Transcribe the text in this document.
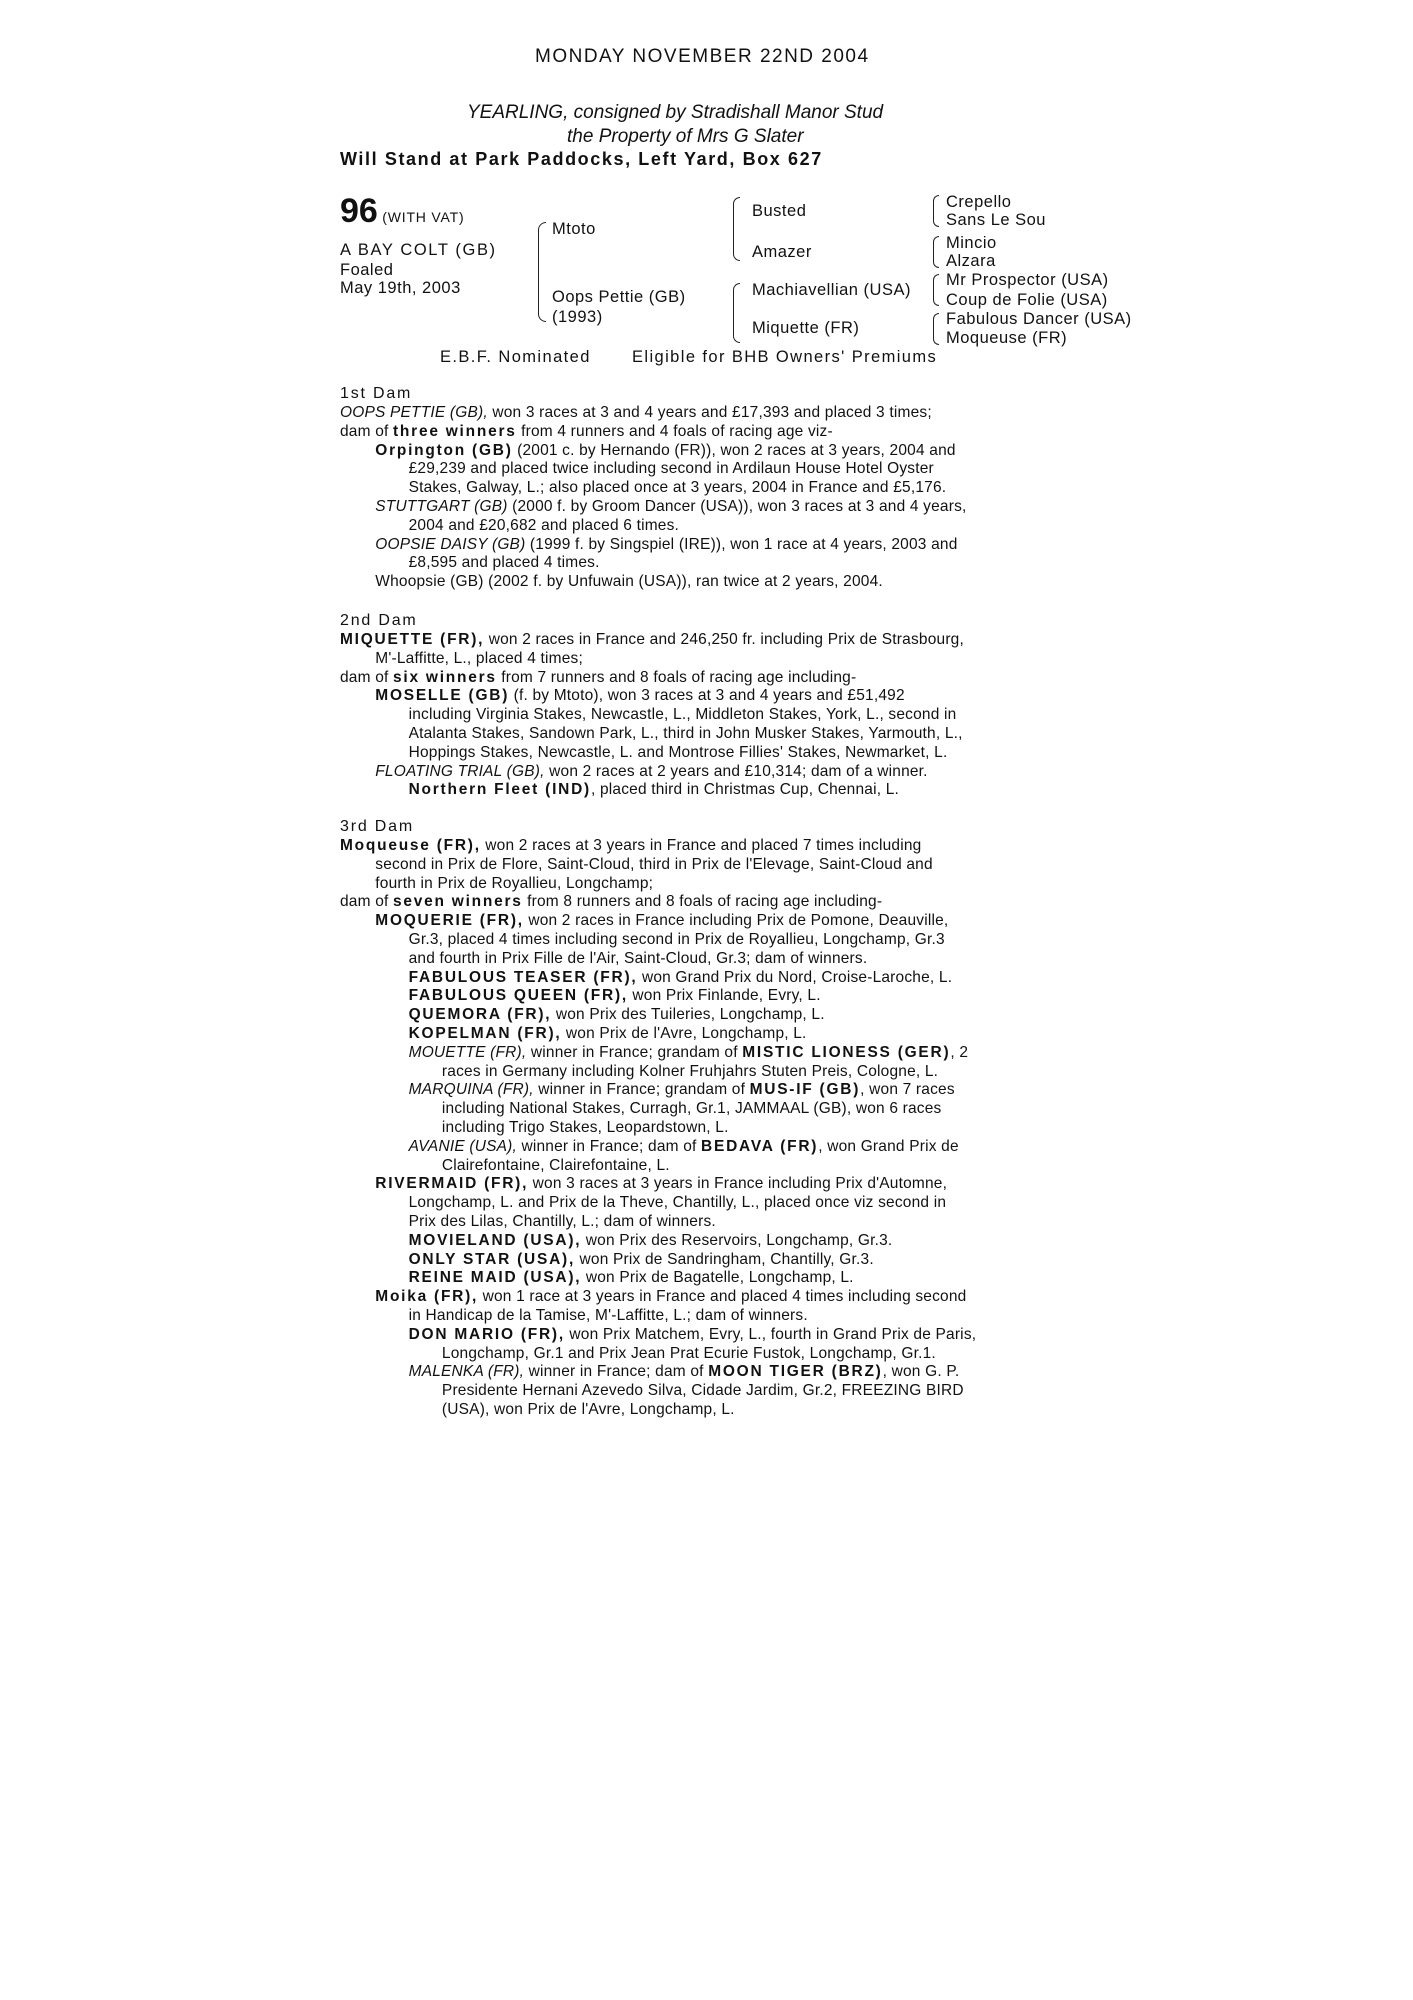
MONDAY NOVEMBER 22ND 2004
YEARLING, consigned by Stradishall Manor Stud
the Property of Mrs G Slater
Will Stand at Park Paddocks, Left Yard, Box 627
96 (WITH VAT)
A BAY COLT (GB)
Foaled
May 19th, 2003
Mtoto
Oops Pettie (GB)
(1993)
Busted
Amazer
Machiavellian (USA)
Miquette (FR)
Crepello
Sans Le Sou
Mincio
Alzara
Mr Prospector (USA)
Coup de Folie (USA)
Fabulous Dancer (USA)
Moqueuse (FR)
E.B.F. Nominated Eligible for BHB Owners' Premiums
1st Dam
OOPS PETTIE (GB), won 3 races at 3 and 4 years and £17,393 and placed 3 times;
dam of three winners from 4 runners and 4 foals of racing age viz-
Orpington (GB) (2001 c. by Hernando (FR)), won 2 races at 3 years, 2004 and
£29,239 and placed twice including second in Ardilaun House Hotel Oyster
Stakes, Galway, L.; also placed once at 3 years, 2004 in France and £5,176.
STUTTGART (GB) (2000 f. by Groom Dancer (USA)), won 3 races at 3 and 4 years,
2004 and £20,682 and placed 6 times.
OOPSIE DAISY (GB) (1999 f. by Singspiel (IRE)), won 1 race at 4 years, 2003 and
£8,595 and placed 4 times.
Whoopsie (GB) (2002 f. by Unfuwain (USA)), ran twice at 2 years, 2004.
2nd Dam
MIQUETTE (FR), won 2 races in France and 246,250 fr. including Prix de Strasbourg,
M'-Laffitte, L., placed 4 times;
dam of six winners from 7 runners and 8 foals of racing age including-
MOSELLE (GB) (f. by Mtoto), won 3 races at 3 and 4 years and £51,492
including Virginia Stakes, Newcastle, L., Middleton Stakes, York, L., second in
Atalanta Stakes, Sandown Park, L., third in John Musker Stakes, Yarmouth, L.,
Hoppings Stakes, Newcastle, L. and Montrose Fillies' Stakes, Newmarket, L.
FLOATING TRIAL (GB), won 2 races at 2 years and £10,314; dam of a winner.
Northern Fleet (IND), placed third in Christmas Cup, Chennai, L.
3rd Dam
Moqueuse (FR), won 2 races at 3 years in France and placed 7 times including
second in Prix de Flore, Saint-Cloud, third in Prix de l'Elevage, Saint-Cloud and
fourth in Prix de Royallieu, Longchamp;
dam of seven winners from 8 runners and 8 foals of racing age including-
MOQUERIE (FR), won 2 races in France including Prix de Pomone, Deauville,
Gr.3, placed 4 times including second in Prix de Royallieu, Longchamp, Gr.3
and fourth in Prix Fille de l'Air, Saint-Cloud, Gr.3; dam of winners.
FABULOUS TEASER (FR), won Grand Prix du Nord, Croise-Laroche, L.
FABULOUS QUEEN (FR), won Prix Finlande, Evry, L.
QUEMORA (FR), won Prix des Tuileries, Longchamp, L.
KOPELMAN (FR), won Prix de l'Avre, Longchamp, L.
MOUETTE (FR), winner in France; grandam of MISTIC LIONESS (GER), 2
races in Germany including Kolner Fruhjahrs Stuten Preis, Cologne, L.
MARQUINA (FR), winner in France; grandam of MUS-IF (GB), won 7 races
including National Stakes, Curragh, Gr.1, JAMMAAL (GB), won 6 races
including Trigo Stakes, Leopardstown, L.
AVANIE (USA), winner in France; dam of BEDAVA (FR), won Grand Prix de
Clairefontaine, Clairefontaine, L.
RIVERMAID (FR), won 3 races at 3 years in France including Prix d'Automne,
Longchamp, L. and Prix de la Theve, Chantilly, L., placed once viz second in
Prix des Lilas, Chantilly, L.; dam of winners.
MOVIELAND (USA), won Prix des Reservoirs, Longchamp, Gr.3.
ONLY STAR (USA), won Prix de Sandringham, Chantilly, Gr.3.
REINE MAID (USA), won Prix de Bagatelle, Longchamp, L.
Moika (FR), won 1 race at 3 years in France and placed 4 times including second
in Handicap de la Tamise, M'-Laffitte, L.; dam of winners.
DON MARIO (FR), won Prix Matchem, Evry, L., fourth in Grand Prix de Paris,
Longchamp, Gr.1 and Prix Jean Prat Ecurie Fustok, Longchamp, Gr.1.
MALENKA (FR), winner in France; dam of MOON TIGER (BRZ), won G. P.
Presidente Hernani Azevedo Silva, Cidade Jardim, Gr.2, FREEZING BIRD
(USA), won Prix de l'Avre, Longchamp, L.
